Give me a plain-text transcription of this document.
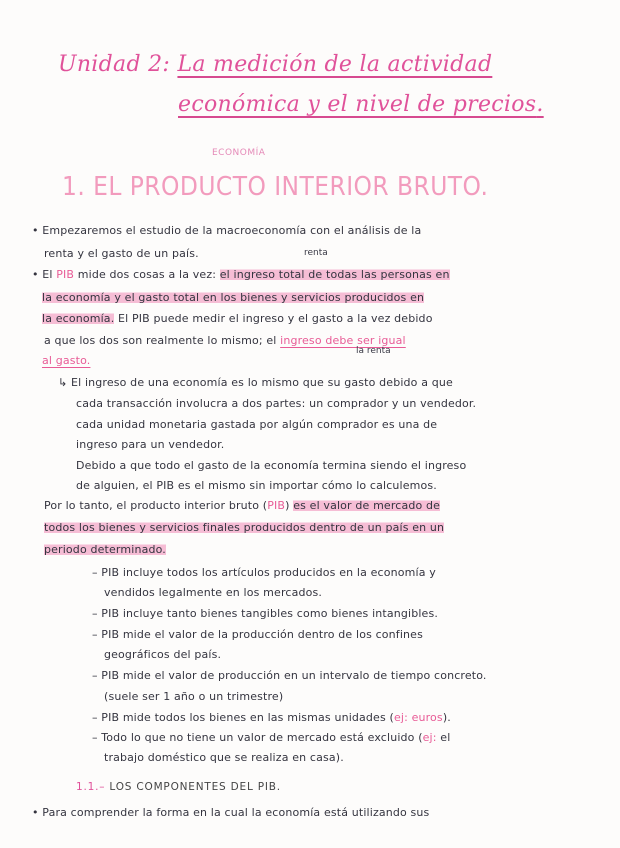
Unidad 2: La medición de la actividad
económica y el nivel de precios.
ECONOMÍA
1. EL PRODUCTO INTERIOR BRUTO.
• Empezaremos el estudio de la macroeconomía con el análisis de la
renta y el gasto de un país.	renta
• El PIB mide dos cosas a la vez: el ingreso total de todas las personas en
la economía y el gasto total en los bienes y servicios producidos en
la economía. El PIB puede medir el ingreso y el gasto a la vez debido
a que los dos son realmente lo mismo; el ingreso debe ser igual
al gasto.
la renta
↳ El ingreso de una economía es lo mismo que su gasto debido a que
cada transacción involucra a dos partes: un comprador y un vendedor.
cada unidad monetaria gastada por algún comprador es una de
ingreso para un vendedor.
Debido a que todo el gasto de la economía termina siendo el ingreso
de alguien, el PIB es el mismo sin importar cómo lo calculemos.
Por lo tanto, el producto interior bruto (PIB) es el valor de mercado de
todos los bienes y servicios finales producidos dentro de un país en un
periodo determinado.
– PIB incluye todos los artículos producidos en la economía y
vendidos legalmente en los mercados.
– PIB incluye tanto bienes tangibles como bienes intangibles.
– PIB mide el valor de la producción dentro de los confines
geográficos del país.
– PIB mide el valor de producción en un intervalo de tiempo concreto.
(suele ser 1 año o un trimestre)
– PIB mide todos los bienes en las mismas unidades (ej: euros).
– Todo lo que no tiene un valor de mercado está excluido (ej: el
trabajo doméstico que se realiza en casa).
1.1.– LOS COMPONENTES DEL PIB.
• Para comprender la forma en la cual la economía está utilizando sus
